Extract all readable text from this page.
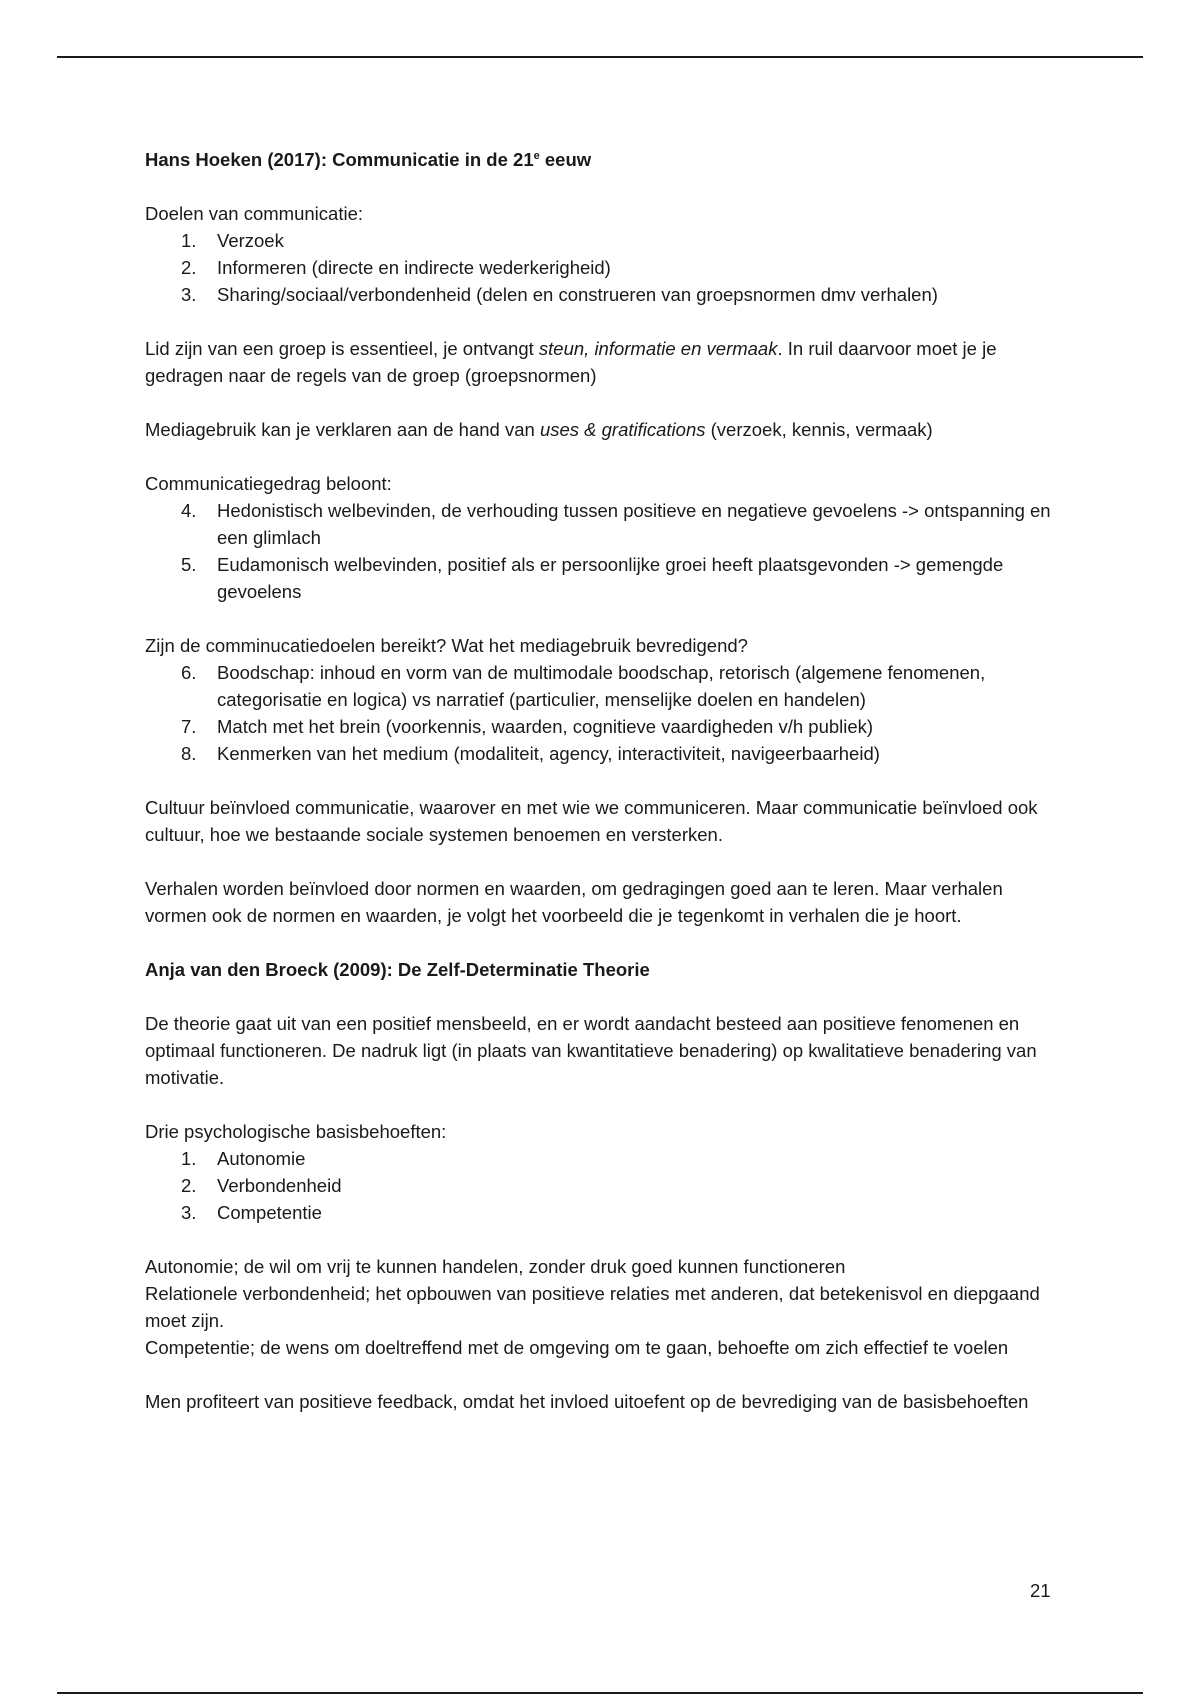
Hans Hoeken (2017): Communicatie in de 21e eeuw

Doelen van communicatie:

1.	Verzoek
2.	Informeren (directe en indirecte wederkerigheid)
3.	Sharing/sociaal/verbondenheid (delen en construeren van groepsnormen dmv verhalen)

Lid zijn van een groep is essentieel, je ontvangt steun, informatie en vermaak. In ruil daarvoor moet je je gedragen naar de regels van de groep (groepsnormen)

Mediagebruik kan je verklaren aan de hand van uses & gratifications (verzoek, kennis, vermaak)

Communicatiegedrag beloont:

4.	Hedonistisch welbevinden, de verhouding tussen positieve en negatieve gevoelens -> ontspanning en een glimlach
5.	Eudamonisch welbevinden, positief als er persoonlijke groei heeft plaatsgevonden -> gemengde gevoelens

Zijn de comminucatiedoelen bereikt? Wat het mediagebruik bevredigend?

6.	Boodschap: inhoud en vorm van de multimodale boodschap, retorisch (algemene fenomenen, categorisatie en logica) vs narratief (particulier, menselijke doelen en handelen)
7.	Match met het brein (voorkennis, waarden, cognitieve vaardigheden v/h publiek)
8.	Kenmerken van het medium (modaliteit, agency, interactiviteit, navigeerbaarheid)

Cultuur beïnvloed communicatie, waarover en met wie we communiceren. Maar communicatie beïnvloed ook cultuur, hoe we bestaande sociale systemen benoemen en versterken.

Verhalen worden beïnvloed door normen en waarden, om gedragingen goed aan te leren. Maar verhalen vormen ook de normen en waarden, je volgt het voorbeeld die je tegenkomt in verhalen die je hoort.

Anja van den Broeck (2009): De Zelf-Determinatie Theorie

De theorie gaat uit van een positief mensbeeld, en er wordt aandacht besteed aan positieve fenomenen en optimaal functioneren. De nadruk ligt (in plaats van kwantitatieve benadering) op kwalitatieve benadering van motivatie.

Drie psychologische basisbehoeften:

1.	Autonomie
2.	Verbondenheid
3.	Competentie

Autonomie; de wil om vrij te kunnen handelen, zonder druk goed kunnen functioneren

Relationele verbondenheid; het opbouwen van positieve relaties met anderen, dat betekenisvol en diepgaand moet zijn.

Competentie; de wens om doeltreffend met de omgeving om te gaan, behoefte om zich effectief te voelen

Men profiteert van positieve feedback, omdat het invloed uitoefent op de bevrediging van de basisbehoeften

21
